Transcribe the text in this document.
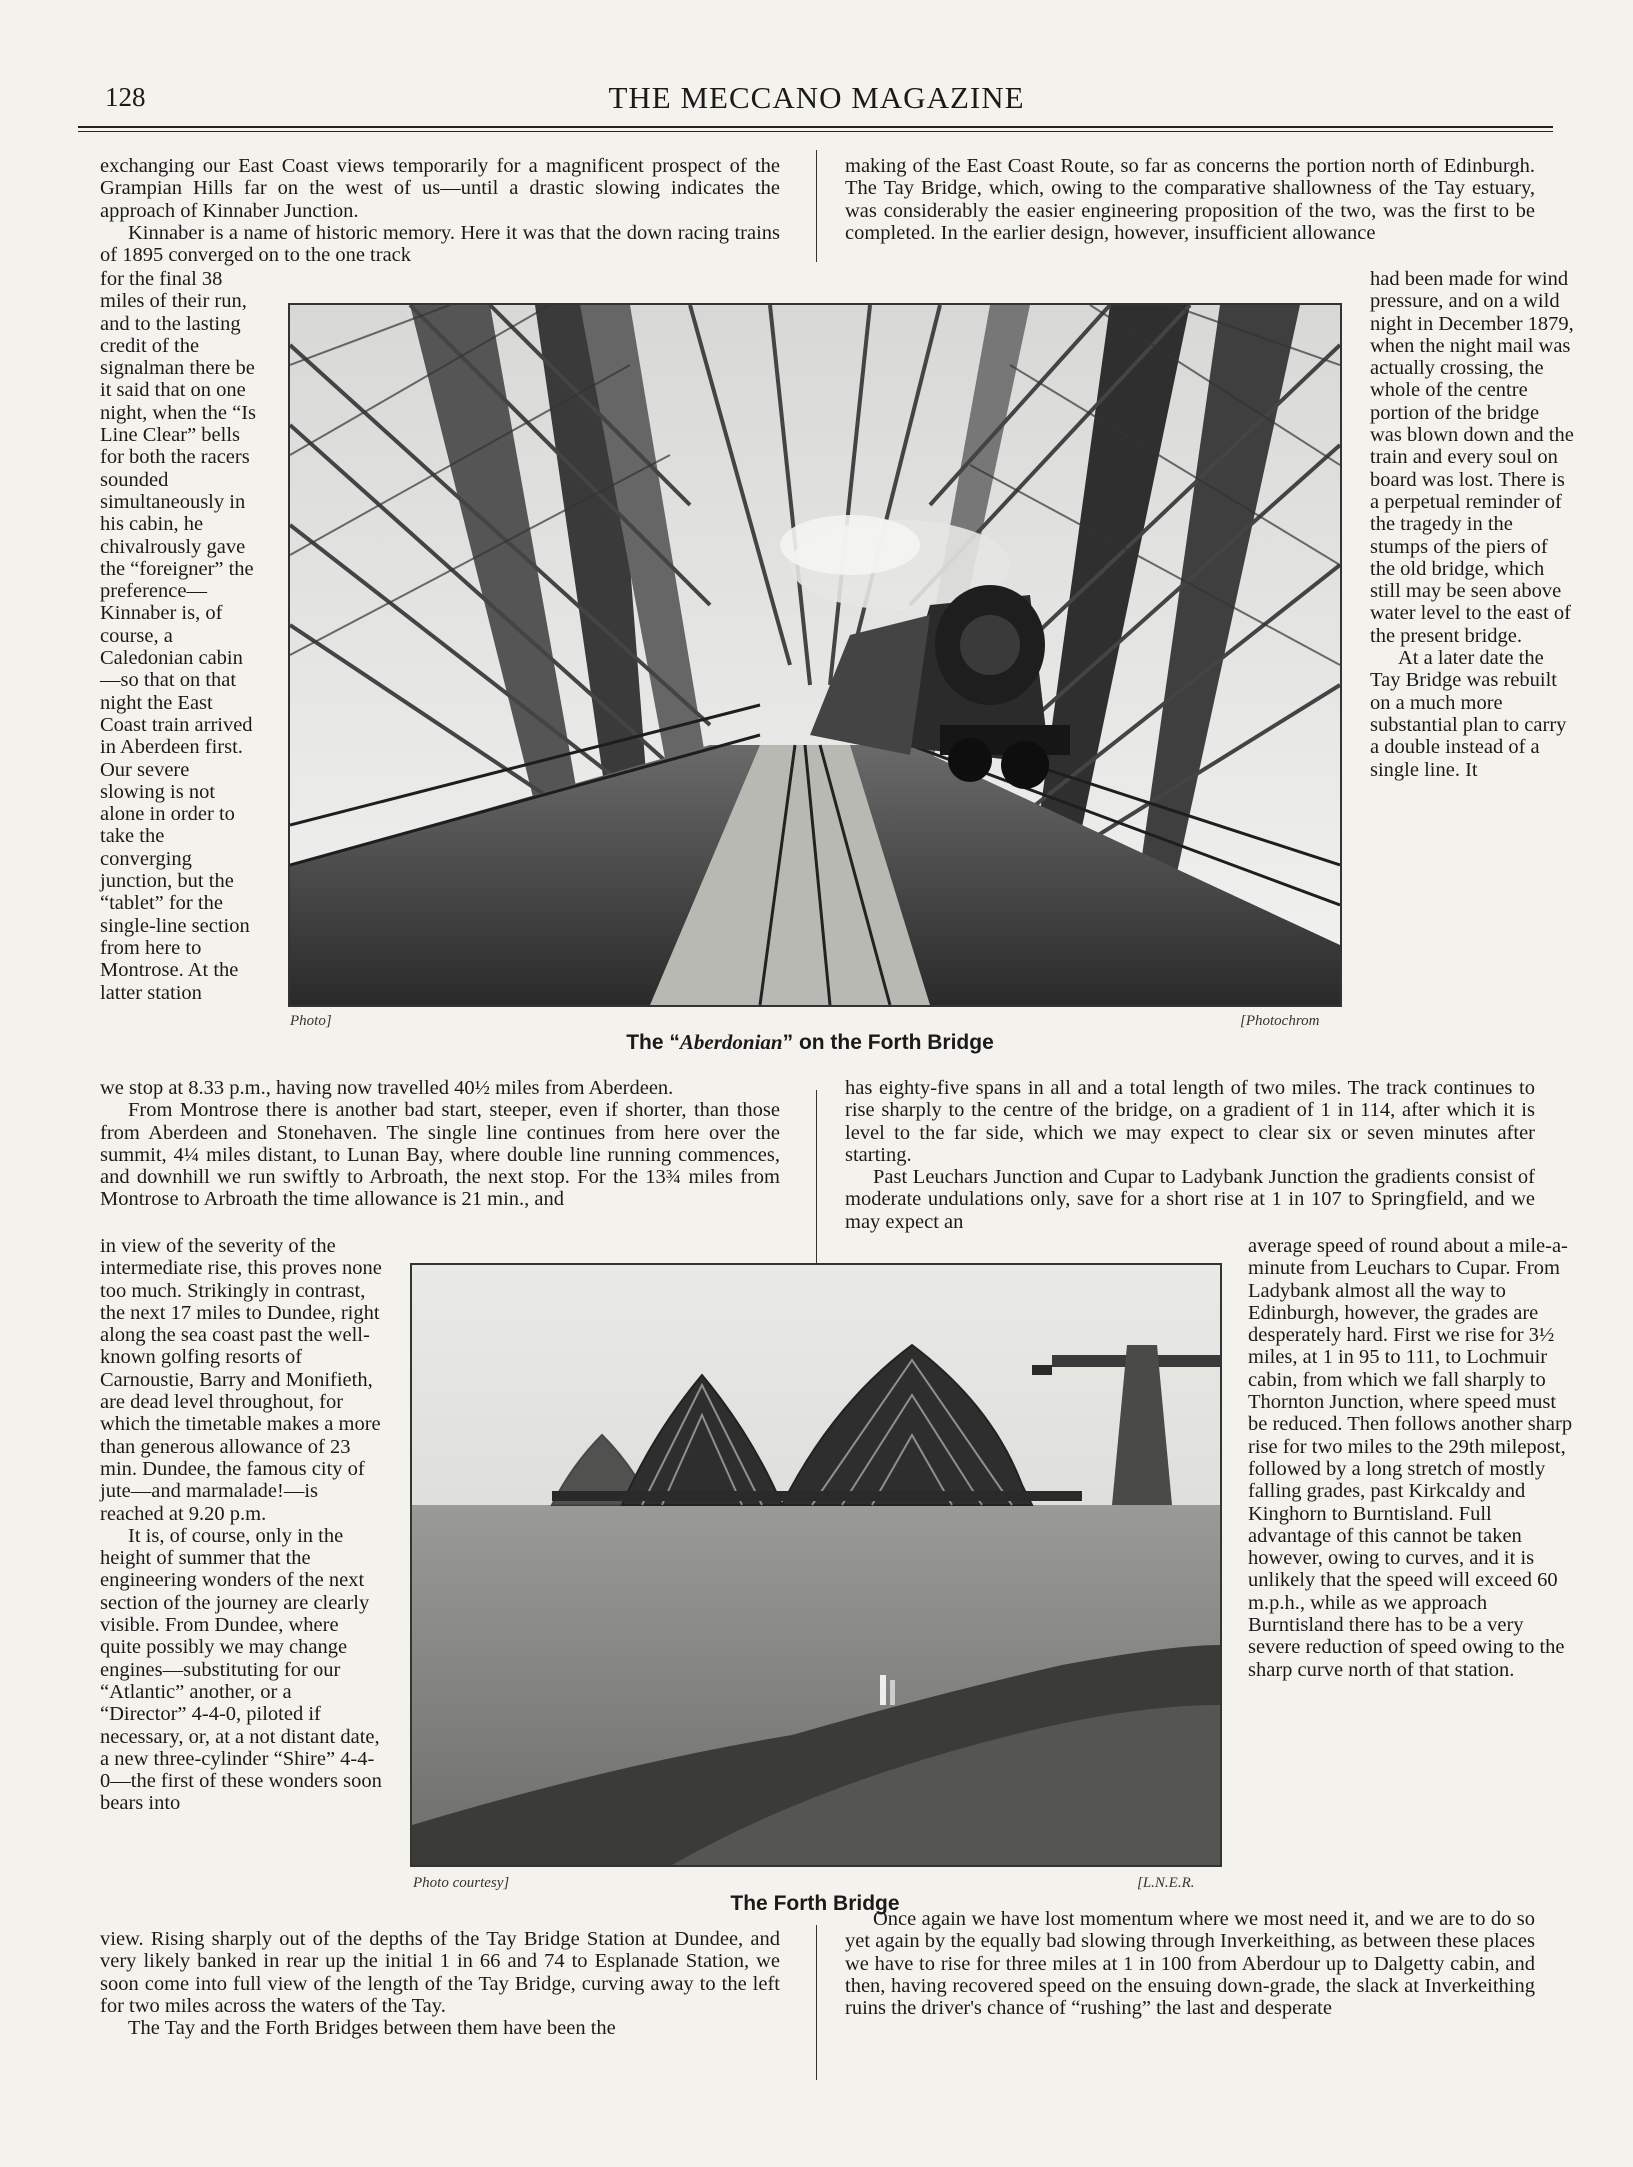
128	THE MECCANO MAGAZINE

exchanging our East Coast views temporarily for a magnificent prospect of the Grampian Hills far on the west of us—until a drastic slowing indicates the approach of Kinnaber Junction.

Kinnaber is a name of historic memory. Here it was that the down racing trains of 1895 converged on to the one track

for the final 38 miles of their run, and to the lasting credit of the signalman there be it said that on one night, when the “Is Line Clear” bells for both the racers sounded simultaneously in his cabin, he chivalrously gave the “foreigner” the preference—Kinnaber is, of course, a Caledonian cabin—so that on that night the East Coast train arrived in Aberdeen first. Our severe slowing is not alone in order to take the converging junction, but the “tablet” for the single-line section from here to Montrose. At the latter station

we stop at 8.33 p.m., having now travelled 40½ miles from Aberdeen.

From Montrose there is another bad start, steeper, even if shorter, than those from Aberdeen and Stonehaven. The single line continues from here over the summit, 4¼ miles distant, to Lunan Bay, where double line running commences, and downhill we run swiftly to Arbroath, the next stop. For the 13¾ miles from Montrose to Arbroath the time allowance is 21 min., and

in view of the severity of the intermediate rise, this proves none too much. Strikingly in contrast, the next 17 miles to Dundee, right along the sea coast past the well-known golfing resorts of Carnoustie, Barry and Monifieth, are dead level throughout, for which the timetable makes a more than generous allowance of 23 min. Dundee, the famous city of jute—and marmalade!—is reached at 9.20 p.m.

It is, of course, only in the height of summer that the engineering wonders of the next section of the journey are clearly visible. From Dundee, where quite possibly we may change engines—substituting for our “Atlantic” another, or a “Director” 4-4-0, piloted if necessary, or, at a not distant date, a new three-cylinder “Shire” 4-4-0—the first of these wonders soon bears into

view. Rising sharply out of the depths of the Tay Bridge Station at Dundee, and very likely banked in rear up the initial 1 in 66 and 74 to Esplanade Station, we soon come into full view of the length of the Tay Bridge, curving away to the left for two miles across the waters of the Tay.

The Tay and the Forth Bridges between them have been the

making of the East Coast Route, so far as concerns the portion north of Edinburgh. The Tay Bridge, which, owing to the comparative shallowness of the Tay estuary, was considerably the easier engineering proposition of the two, was the first to be completed. In the earlier design, however, insufficient allowance

had been made for wind pressure, and on a wild night in December 1879, when the night mail was actually crossing, the whole of the centre portion of the bridge was blown down and the train and every soul on board was lost. There is a perpetual reminder of the tragedy in the stumps of the piers of the old bridge, which still may be seen above water level to the east of the present bridge.

At a later date the Tay Bridge was rebuilt on a much more substantial plan to carry a double instead of a single line. It

has eighty-five spans in all and a total length of two miles. The track continues to rise sharply to the centre of the bridge, on a gradient of 1 in 114, after which it is level to the far side, which we may expect to clear six or seven minutes after starting.

Past Leuchars Junction and Cupar to Ladybank Junction the gradients consist of moderate undulations only, save for a short rise at 1 in 107 to Springfield, and we may expect an

average speed of round about a mile-a-minute from Leuchars to Cupar. From Ladybank almost all the way to Edinburgh, however, the grades are desperately hard. First we rise for 3½ miles, at 1 in 95 to 111, to Lochmuir cabin, from which we fall sharply to Thornton Junction, where speed must be reduced. Then follows another sharp rise for two miles to the 29th milepost, followed by a long stretch of mostly falling grades, past Kirkcaldy and Kinghorn to Burntisland. Full advantage of this cannot be taken however, owing to curves, and it is unlikely that the speed will exceed 60 m.p.h., while as we approach Burntisland there has to be a very severe reduction of speed owing to the sharp curve north of that station.

Once again we have lost momentum where we most need it, and we are to do so yet again by the equally bad slowing through Inverkeithing, as between these places we have to rise for three miles at 1 in 100 from Aberdour up to Dalgetty cabin, and then, having recovered speed on the ensuing down-grade, the slack at Inverkeithing ruins the driver's chance of “rushing” the last and desperate

Photo]	[Photochrom
The “Aberdonian” on the Forth Bridge
Photo courtesy]	[L.N.E.R.
The Forth Bridge
